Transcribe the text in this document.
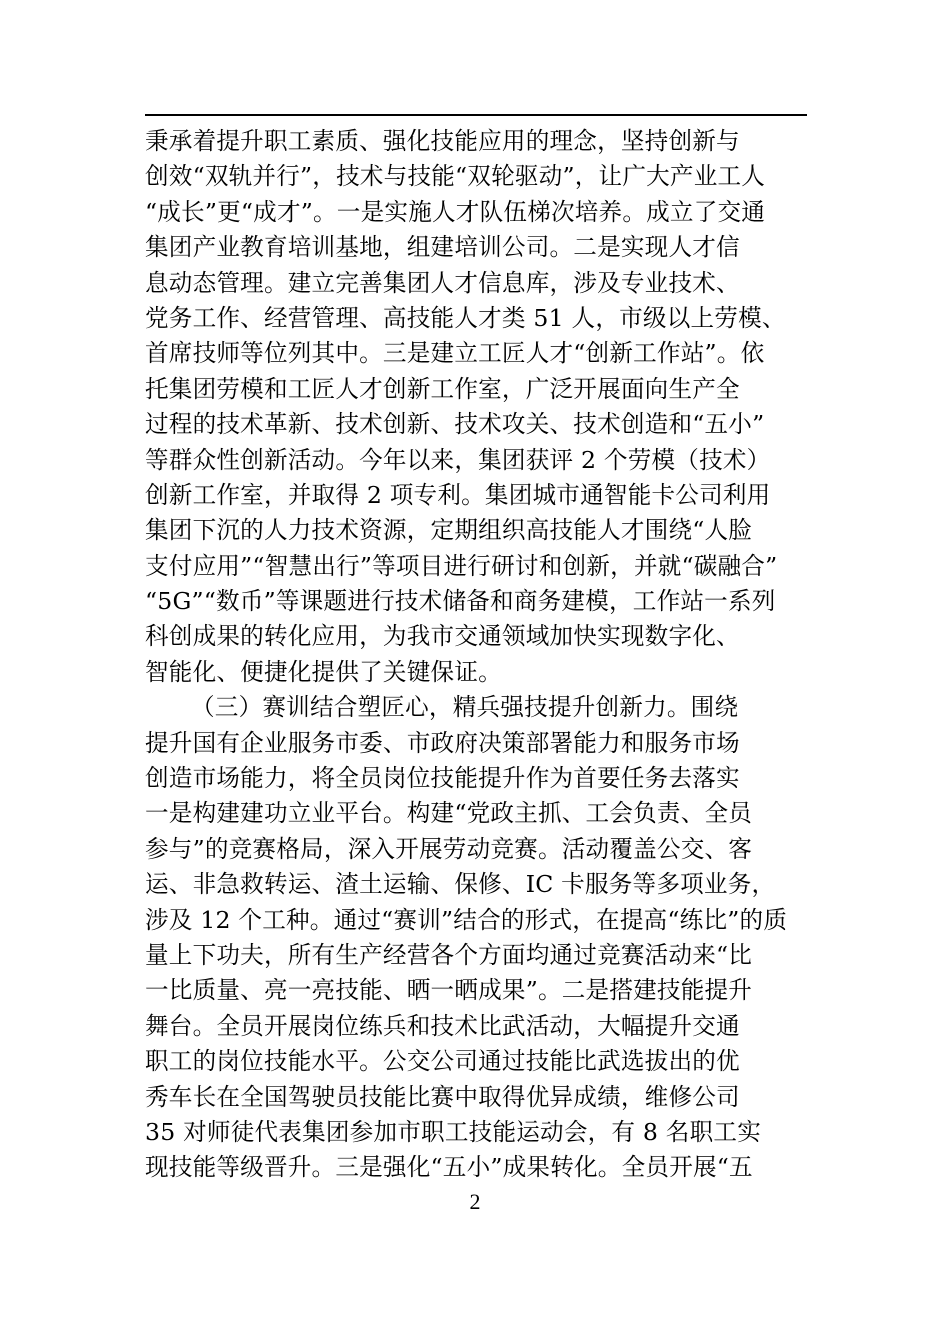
秉承着提升职工素质、强化技能应用的理念，坚持创新与
创效“双轨并行”，技术与技能“双轮驱动”，让广大产业工人
“成长”更“成才”。一是实施人才队伍梯次培养。成立了交通
集团产业教育培训基地，组建培训公司。二是实现人才信
息动态管理。建立完善集团人才信息库，涉及专业技术、
党务工作、经营管理、高技能人才类 51 人，市级以上劳模、
首席技师等位列其中。三是建立工匠人才“创新工作站”。依
托集团劳模和工匠人才创新工作室，广泛开展面向生产全
过程的技术革新、技术创新、技术攻关、技术创造和“五小”
等群众性创新活动。今年以来，集团获评 2 个劳模（技术）
创新工作室，并取得 2 项专利。集团城市通智能卡公司利用
集团下沉的人力技术资源，定期组织高技能人才围绕“人脸
支付应用”“智慧出行”等项目进行研讨和创新，并就“碳融合”
“5G”“数币”等课题进行技术储备和商务建模，工作站一系列
科创成果的转化应用，为我市交通领域加快实现数字化、
智能化、便捷化提供了关键保证。
（三）赛训结合塑匠心，精兵强技提升创新力。围绕
提升国有企业服务市委、市政府决策部署能力和服务市场
创造市场能力，将全员岗位技能提升作为首要任务去落实
一是构建建功立业平台。构建“党政主抓、工会负责、全员
参与”的竞赛格局，深入开展劳动竞赛。活动覆盖公交、客
运、非急救转运、渣土运输、保修、IC 卡服务等多项业务，
涉及 12 个工种。通过“赛训”结合的形式，在提高“练比”的质
量上下功夫，所有生产经营各个方面均通过竞赛活动来“比
一比质量、亮一亮技能、晒一晒成果”。二是搭建技能提升
舞台。全员开展岗位练兵和技术比武活动，大幅提升交通
职工的岗位技能水平。公交公司通过技能比武选拔出的优
秀车长在全国驾驶员技能比赛中取得优异成绩，维修公司
35 对师徒代表集团参加市职工技能运动会，有 8 名职工实
现技能等级晋升。三是强化“五小”成果转化。全员开展“五
2
